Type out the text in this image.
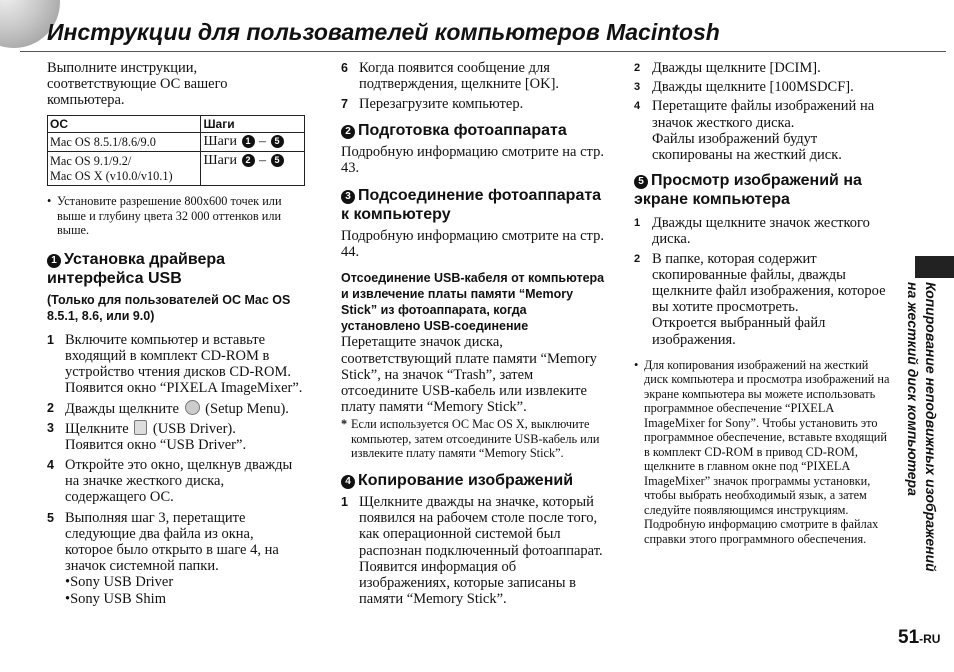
Инструкции для пользователей компьютеров Macintosh

Выполните инструкции, соответствующие ОС вашего компьютера.

ОС	Шаги
Mac OS 8.5.1/8.6/9.0	Шаги 1 – 5
Mac OS 9.1/9.2/
Mac OS X (v10.0/v10.1)	Шаги 2 – 5
• Установите разрешение 800x600 точек или выше и глубину цвета 32 000 оттенков или выше.
1 Установка драйвера интерфейса USB

(Только для пользователей ОС Mac OS 8.5.1, 8.6, или 9.0)

1 Включите компьютер и вставьте входящий в комплект CD-ROM в устройство чтения дисков CD-ROM.
Появится окно “PIXELA ImageMixer”.
2 Дважды щелкните (Setup Menu).
3 Щелкните (USB Driver).
Появится окно “USB Driver”.
4 Откройте это окно, щелкнув дважды на значке жесткого диска, содержащего ОС.
5 Выполняя шаг 3, перетащите следующие два файла из окна, которое было открыто в шаге 4, на значок системной папки.
•Sony USB Driver
•Sony USB Shim
6 Когда появится сообщение для подтверждения, щелкните [OK].
7 Перезагрузите компьютер.
2 Подготовка фотоаппарата

Подробную информацию смотрите на стр. 43.

3 Подсоединение фотоаппарата к компьютеру

Подробную информацию смотрите на стр. 44.

Отсоединение USB-кабеля от компьютера и извлечение платы памяти “Memory Stick” из фотоаппарата, когда установлено USB-соединение

Перетащите значок диска, соответствующий плате памяти “Memory Stick”, на значок “Trash”, затем отсоедините USB-кабель или извлеките плату памяти “Memory Stick”.

* Если используется ОС Mac OS X, выключите компьютер, затем отсоедините USB-кабель или извлеките плату памяти “Memory Stick”.
4 Копирование изображений
1 Щелкните дважды на значке, который появился на рабочем столе после того, как операционной системой был распознан подключенный фотоаппарат.
Появится информация об изображениях, которые записаны в памяти “Memory Stick”.
2 Дважды щелкните [DCIM].
3 Дважды щелкните [100MSDCF].
4 Перетащите файлы изображений на значок жесткого диска.
Файлы изображений будут скопированы на жесткий диск.
5 Просмотр изображений на экране компьютера
1 Дважды щелкните значок жесткого диска.
2 В папке, которая содержит скопированные файлы, дважды щелкните файл изображения, которое вы хотите просмотреть.
Откроется выбранный файл изображения.
• Для копирования изображений на жесткий диск компьютера и просмотра изображений на экране компьютера вы можете использовать программное обеспечение “PIXELA ImageMixer for Sony”. Чтобы установить это программное обеспечение, вставьте входящий в комплект CD-ROM в привод CD-ROM, щелкните в главном окне под “PIXELA ImageMixer” значок программы установки, чтобы выбрать необходимый язык, а затем следуйте появляющимся инструкциям.
Подробную информацию смотрите в файлах справки этого программного обеспечения.	Копирование неподвижных изображений
на жесткий диск компьютера
51-RU
